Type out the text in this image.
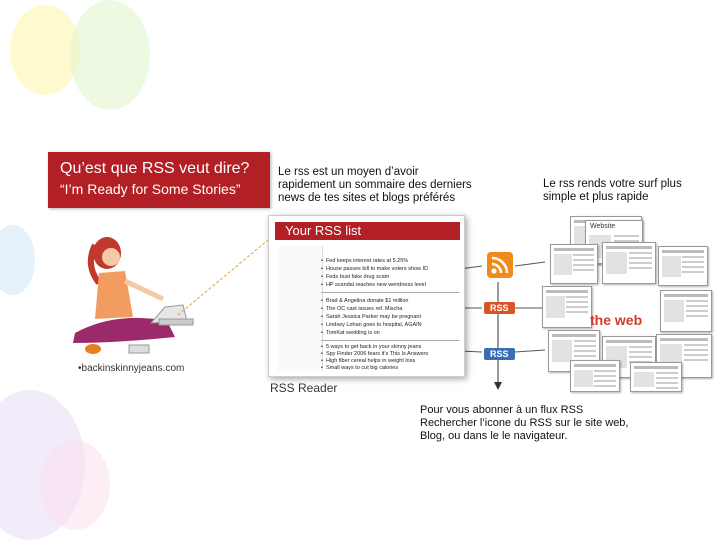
Qu’est que RSS veut dire?
“I’m Ready for Some Stories”
Le rss est un moyen d’avoir
rapidement un sommaire des derniers
news de tes sites et blogs préférés
Le rss rends votre surf plus
simple et plus rapide
•backinskinnyjeans.com
Your RSS list
• Fed keeps interest rates at 5.25%
• House passes bill to make voters show ID
• Feds bust fake drug scam
• HP scandal reaches new weirdness level
• Brad & Angelina donate $1 million
• The OC cast issues ref. Mischa
• Sarah Jessica Parker may be pregnant
• Lindsey Lohan goes to hospital, AGAIN
• TomKat wedding is on
• 5 ways to get back in your skinny jeans
• Spy Finder 2006 fears it’s This Is Answers
• High fiber cereal helps in weight loss
• Small ways to cut big calories
RSS Reader
RSS
RSS
Website
the web
Pour vous abonner à un flux RSS
Rechercher l’icone du RSS sur le site web,
Blog, ou dans le le navigateur.
